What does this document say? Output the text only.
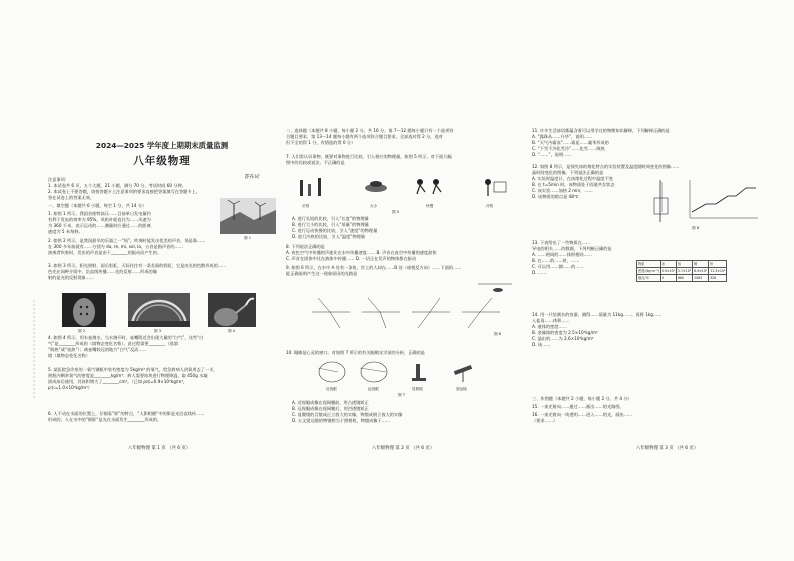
2024—2025 学年度上期期末质量监测
八年级物理

注意事项：

1. 本试卷共 6 页，五个大题，21 小题，满分 70 分，考试时间 60 分钟。

2. 本试卷上不要答题，请按答题卡上注意事项的要求直接把答案填写在答题卡上。

答在试卷上的答案无效。

答在试

一、填空题（本题共 6 小题，每空 1 分，共 14 分）

图 1

1. 如图 1 所示，我国首座特高压……目前单日发电量约

有利于发电的效率为 95%，风机叶轮直径为……风速为

为 360 千米，表示运动的……测量时应通过……的距离

速度为 5 米每秒。

2. 如图 2 所示，是我国最早的乐器之一“埙”，吹奏时能发出优美的声音，埙是靠……

在 300 多年前就有……分别为 do, re, mi, sol, la，五音是指声音的……

演奏者吹奏时，发出的声音是由于________的振动而产生的。

3. 如图 3 所示，阳光照射，雨后彩虹，天际往往有一条美丽的彩虹，它是由光的色散形成的……

色光在同种介质中，沿直线传播……光的反射……形成的像

射的是光的反射现象……

图 2	图 3	图 4

4. 如图 4 所示，用水壶烧水，当水烧开时，壶嘴附近会出现大量的“白气”，这些“白

气”是________形成的（填物态变化名称），此过程需要________（选填

“吸热”或“放热”）；离壶嘴较远的地方“白气”反而……

境（填物态变化名称）

5. 某医院急诊室的一氧气钢瓶中装有密度为 5kg/m³ 的氧气，给急救病人供氧用去了一半，

则瓶内剩余氧气的密度是________kg/m³；病人需要冰块进行物理降温，取 450g 水凝

固成冰后使用，其体积增大了________cm³。（已知 ρ冰=0.9×10³kg/m³，

ρ水=1.0×10³kg/m³）

6. 人不动在水面的位置上，仔细看“影”的特点，“人影相随”中的影是光沿直线传……

形成的；人在水中的“倒影”是光在水面发生________形成的。

八年级物理 第 1 页 （共 6 页）

二、选择题（本题共 8 小题，每小题 2 分，共 16 分。第 7～12 题每小题只有一个选项符

合题目要求，第 13～14 题每小题有两个选项符合题目要求，全部选对得 2 分，选对

但不全的得 1 分，有错选的得 0 分）

7. 人们常认识事物，既要对事物进行比较，引入相应的物理量，如图 5 所示，对下面几幅

图中的比较或说法，不正确的是

长短	大小	快慢	冷热
图 5

A. 进行长短的比较，引入“长度”的物理量

B. 进行大小的比较，引入“质量”的物理量

C. 进行运动快慢的比较，引入“速度”的物理量

D. 进行冷热的比较，引入“温度”物理量

8. 下列说法正确的是

A. 夜色空气中传播的声速比在水中传播速度…… B. 声音在真空中传播的速度最快

C. 声音在固体中比在液体中传播…… D. 一切正在发声的物体都在振动

9. 如图 6 所示，在水中 A 处有一条鱼，岸上的人却在……B 处（或相反方向）……下面的……

能正确说明产生这一现象原因的光路是

图 6

10. 眼睛是心灵的窗口。对如图 7 所示的有关眼睛光学部的分析，正确的是

近视眼	远视眼	显微镜	望远镜
图 7

A. 近视眼成像在视网膜前，用凸透镜矫正

B. 远视眼成像在视网膜后，用凹透镜矫正

C. 显微镜的目镜成正立放大的实像，物镜成倒立放大的实像

D. 天文望远镜的物镜相当于照相机，物镜成像于……

八年级物理 第 2 页 （共 6 页）

11. 许多生活谚语都蕴含着可以用学过的物理知识解释，下列解释正确的是

A. “露珠从……升华”，说明……

B. “天气冷霜冻”……霜是……凝华形成的

C. “下雪不冷化雪冷”……化雪……吸热

D. “……”，说明……

12. 如图 8 所示，是探究冰的熔化特点的实验装置及温度随时间变化的图像……

晶时间变化的图像。下列说法正确的是

A. 实验时温度计，在冰熔化过程中温度不变

B. 在 t=5min 时，该物质处于固液共存状态

C. 该实验……加热 2 min，……

D. 该物质的熔点是 48℃

图 8

13. 下表给出了一些物质在……

导电的相关……的数据，下列判断正确的是

A. ……相同的……体积相同……

B. 在……的……时，……

C. 可以用……测……的……

D. ……

物质	冰	铝	铜	铅
密度/(kg·m⁻³)	0.9×10³	2.7×10³	8.9×10³	11.3×10³
熔点/℃	0	660	1083	328

14. 用一只装满水的容器，测得……质量为 11kg……，再将 1kg……

入盐再……体积……

A. 液体的密度……

B. 金属球的密度为 2.5×10³kg/m³

C. 溢出的……为 2.6×10³kg/m³

D. 该……

三、作图题（本题共 2 小题，每小题 2 分，共 4 分）

15. 一束光射向……通过……画出……的光路图。

16. 一束光射向一块透明……进入……的光，画出……

（要求……）

八年级物理 第 3 页 （共 6 页）
